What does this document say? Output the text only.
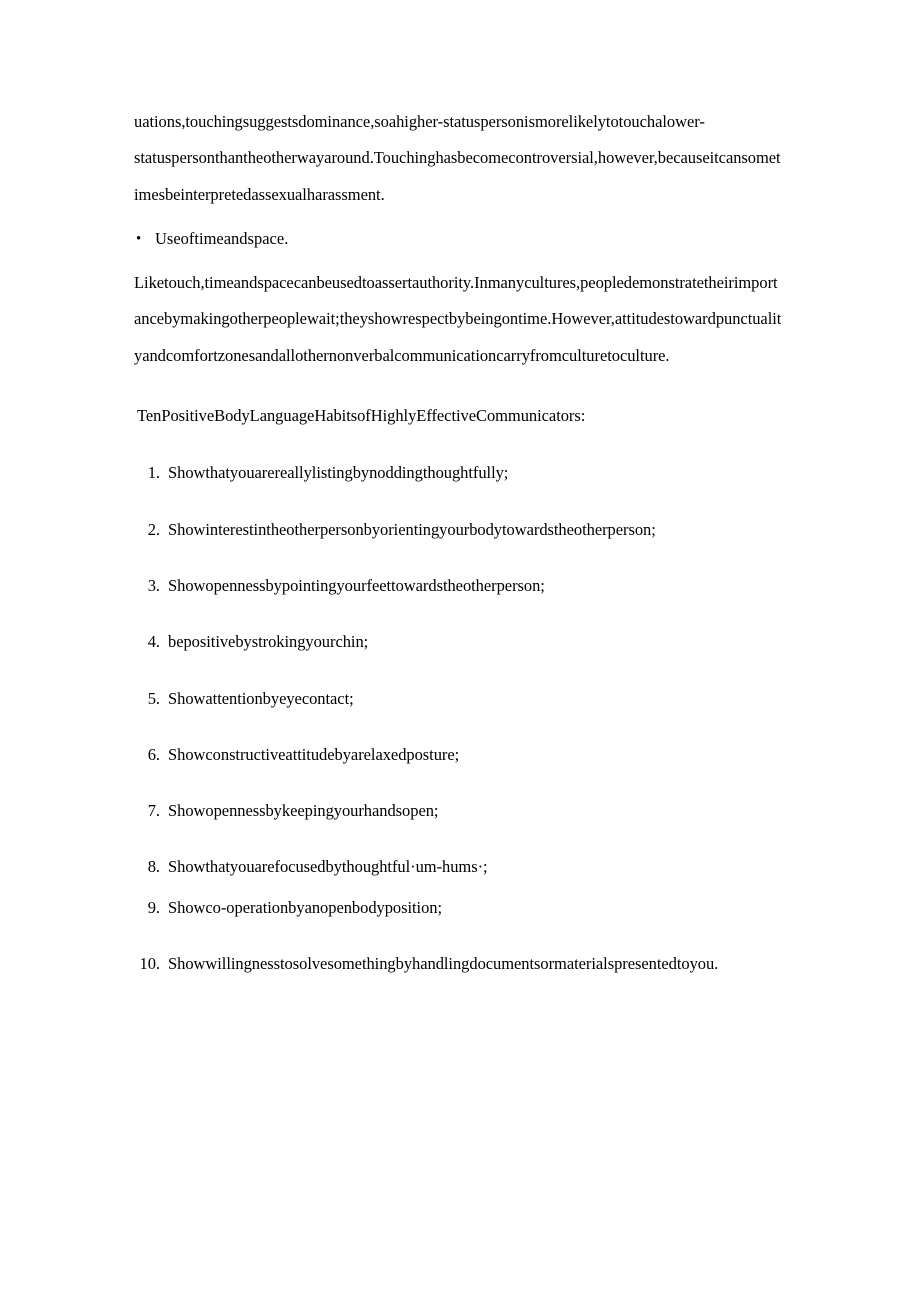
uations,touchingsuggestsdominance,soahigher-statuspersonismorelikelytotouchalower-statuspersonthantheotherwayaround.Touchinghasbecomecontroversial,however,becauseitcansometimesbeinterpretedassexualharassment.

• Useoftimeandspace.

Liketouch,timeandspacecanbeusedtoassertauthority.Inmanycultures,peopledemonstratetheirimportancebymakingotherpeoplewait;theyshowrespectbybeingontime.However,attitudestowardpunctualityandcomfortzonesandallothernonverbalcommunicationcarryfromculturetoculture.

TenPositiveBodyLanguageHabitsofHighlyEffectiveCommunicators:

1. Showthatyouarereallylistingbynoddingthoughtfully;
2. Showinterestintheotherpersonbyorientingyourbodytowardstheotherperson;
3. Showopennessbypointingyourfeettowardstheotherperson;
4. bepositivebystrokingyourchin;
5. Showattentionbyeyecontact;
6. Showconstructiveattitudebyarelaxedposture;
7. Showopennessbykeepingyourhandsopen;
8. Showthatyouarefocusedbythoughtful·um-hums·;
9. Showco-operationbyanopenbodyposition;
10. Showwillingnesstosolvesomethingbyhandlingdocumentsormaterialspresentedtoyou.
